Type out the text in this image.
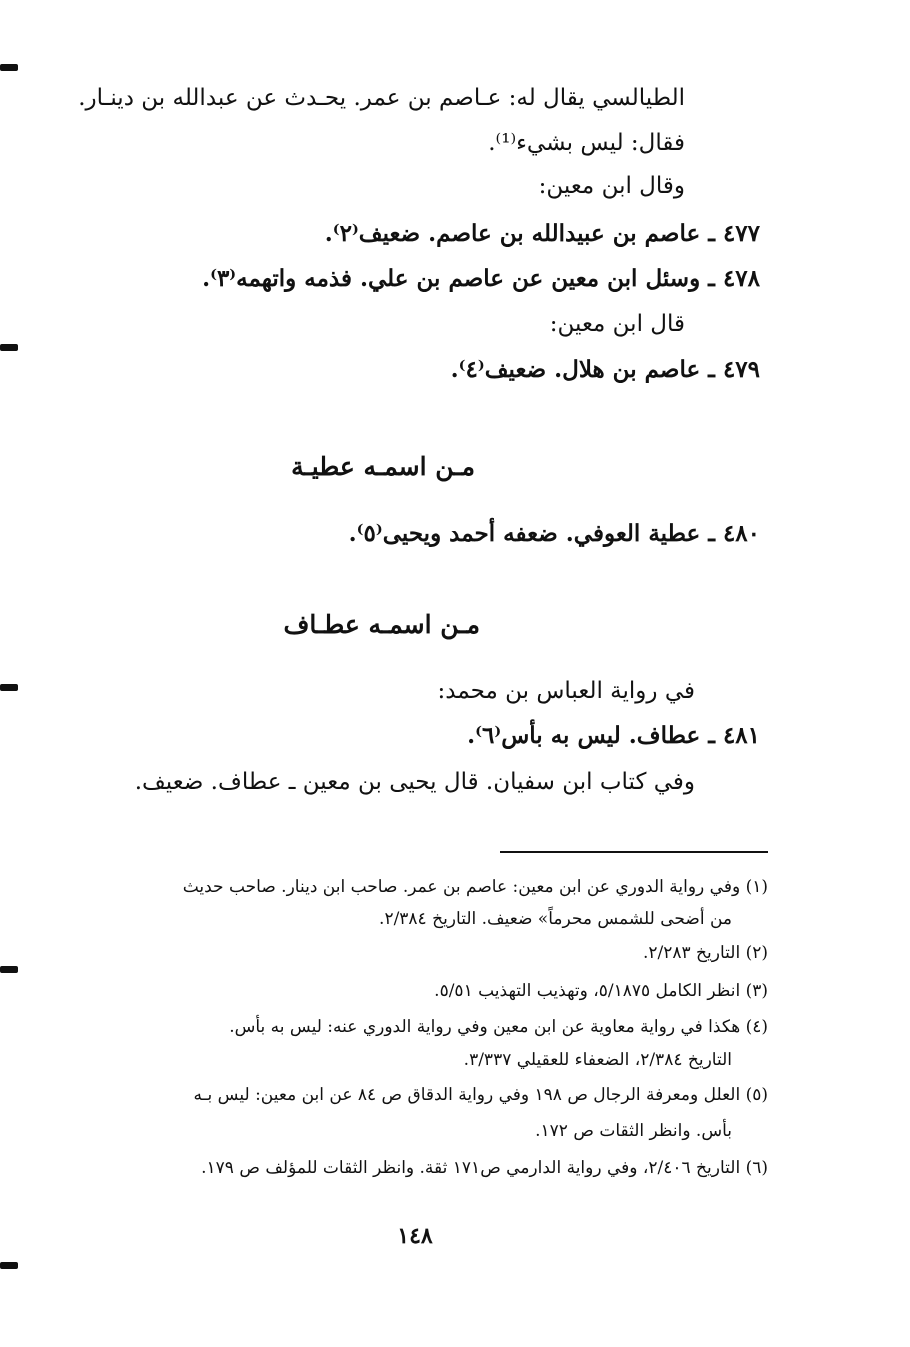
الطيالسي يقال له: عـاصم بن عمر. يحـدث عن عبدالله بن دينـار.
فقال: ليس بشيء⁽¹⁾.
وقال ابن معين:
٤٧٧ ـ عاصم بن عبيدالله بن عاصم. ضعيف⁽٢⁾.
٤٧٨ ـ وسئل ابن معين عن عاصم بن علي. فذمه واتهمه⁽٣⁾.
قال ابن معين:
٤٧٩ ـ عاصم بن هلال. ضعيف⁽٤⁾.
مـن اسمـه عطيـة
٤٨٠ ـ عطية العوفي. ضعفه أحمد ويحيى⁽٥⁾.
مـن اسمـه عطـاف
في رواية العباس بن محمد:
٤٨١ ـ عطاف. ليس به بأس⁽٦⁾.
وفي كتاب ابن سفيان. قال يحيى بن معين ـ عطاف. ضعيف.
(١) وفي رواية الدوري عن ابن معين: عاصم بن عمر. صاحب ابن دينار. صاحب حديث
من أضحى للشمس محرماً» ضعيف. التاريخ ٢/٣٨٤.
(٢) التاريخ ٢/٢٨٣.
(٣) انظر الكامل ٥/١٨٧٥، وتهذيب التهذيب ٥/٥١.
(٤) هكذا في رواية معاوية عن ابن معين وفي رواية الدوري عنه: ليس به بأس.
التاريخ ٢/٣٨٤، الضعفاء للعقيلي ٣/٣٣٧.
(٥) العلل ومعرفة الرجال ص ١٩٨ وفي رواية الدقاق ص ٨٤ عن ابن معين: ليس بـه
بأس. وانظر الثقات ص ١٧٢.
(٦) التاريخ ٢/٤٠٦، وفي رواية الدارمي ص١٧١ ثقة. وانظر الثقات للمؤلف ص ١٧٩.
١٤٨
